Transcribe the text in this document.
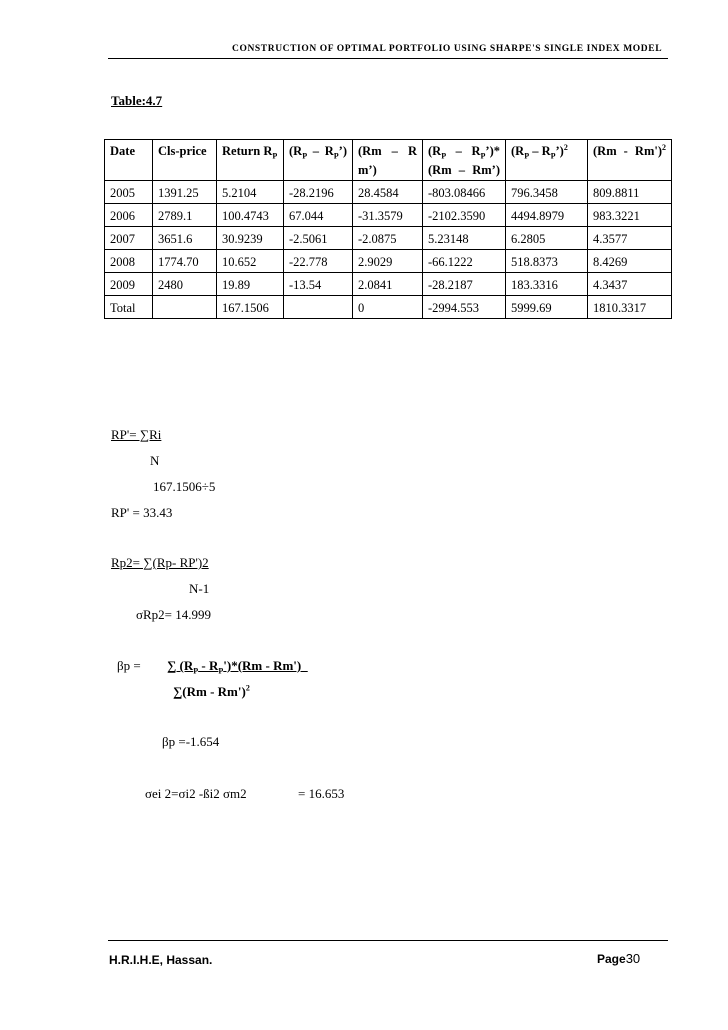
CONSTRUCTION OF OPTIMAL PORTFOLIO USING SHARPE'S SINGLE INDEX MODEL
Table:4.7
Date	Cls-price	Return $R_P$	($R_P$ – $R_P$’)	(Rm – Rm’)	($R_P$ – $R_P’)*$ (Rm – Rm’)	($R_P$ – $R_P’)^2$	(Rm - Rm')$^2$
2005	1391.25	5.2104	-28.2196	28.4584	-803.08466	796.3458	809.8811
2006	2789.1	100.4743	67.044	-31.3579	-2102.3590	4494.8979	983.3221
2007	3651.6	30.9239	-2.5061	-2.0875	5.23148	6.2805	4.3577
2008	1774.70	10.652	-22.778	2.9029	-66.1222	518.8373	8.4269
2009	2480	19.89	-13.54	2.0841	-28.2187	183.3316	4.3437
Total		167.1506		0	-2994.553	5999.69	1810.3317
RP'= ∑Ri
N
167.1506÷5
RP' = 33.43
Rp2= ∑(Rp- RP')2
N-1
σRp2= 14.999
βp = ∑ $(R_P - R_P')*(Rm - Rm')$
∑(Rm - Rm')$^2$
βp =-1.654
σei 2=σi2 -ßi2 σm2	= 16.653
H.R.I.H.E, Hassan.	Page30
